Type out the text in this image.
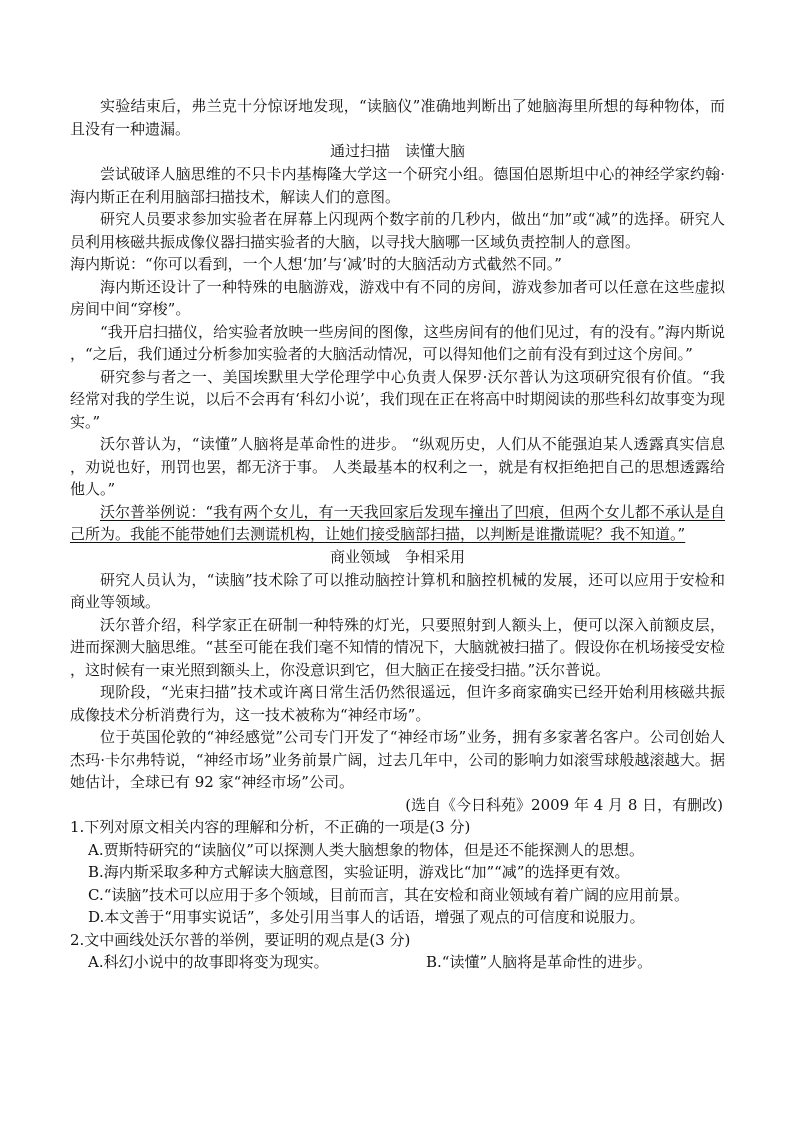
实验结束后，弗兰克十分惊讶地发现，“读脑仪”准确地判断出了她脑海里所想的每种物体，而且没有一种遗漏。

通过扫描　读懂大脑

尝试破译人脑思维的不只卡内基梅隆大学这一个研究小组。德国伯恩斯坦中心的神经学家约翰·海内斯正在利用脑部扫描技术，解读人们的意图。

研究人员要求参加实验者在屏幕上闪现两个数字前的几秒内，做出“加”或“减”的选择。研究人员利用核磁共振成像仪器扫描实验者的大脑，以寻找大脑哪一区域负责控制人的意图。

海内斯说：“你可以看到，一个人想‘加’与‘减’时的大脑活动方式截然不同。”

海内斯还设计了一种特殊的电脑游戏，游戏中有不同的房间，游戏参加者可以任意在这些虚拟房间中间“穿梭”。

“我开启扫描仪，给实验者放映一些房间的图像，这些房间有的他们见过，有的没有。”海内斯说，“之后，我们通过分析参加实验者的大脑活动情况，可以得知他们之前有没有到过这个房间。”

研究参与者之一、美国埃默里大学伦理学中心负责人保罗·沃尔普认为这项研究很有价值。“我经常对我的学生说，以后不会再有‘科幻小说’，我们现在正在将高中时期阅读的那些科幻故事变为现实。”

沃尔普认为，“读懂”人脑将是革命性的进步。 “纵观历史，人们从不能强迫某人透露真实信息，劝说也好，刑罚也罢，都无济于事。 人类最基本的权利之一，就是有权拒绝把自己的思想透露给他人。”

沃尔普举例说：“我有两个女儿，有一天我回家后发现车撞出了凹痕，但两个女儿都不承认是自己所为。我能不能带她们去测谎机构，让她们接受脑部扫描，以判断是谁撒谎呢？我不知道。”

商业领域　争相采用

研究人员认为，“读脑”技术除了可以推动脑控计算机和脑控机械的发展，还可以应用于安检和商业等领域。

沃尔普介绍，科学家正在研制一种特殊的灯光，只要照射到人额头上，便可以深入前额皮层，进而探测大脑思维。“甚至可能在我们毫不知情的情况下，大脑就被扫描了。假设你在机场接受安检，这时候有一束光照到额头上，你没意识到它，但大脑正在接受扫描。”沃尔普说。

现阶段，“光束扫描”技术或许离日常生活仍然很遥远，但许多商家确实已经开始利用核磁共振成像技术分析消费行为，这一技术被称为“神经市场”。

位于英国伦敦的“神经感觉”公司专门开发了“神经市场”业务，拥有多家著名客户。公司创始人杰玛·卡尔弗特说，“神经市场”业务前景广阔，过去几年中，公司的影响力如滚雪球般越滚越大。据她估计，全球已有 92 家“神经市场”公司。

(选自《今日科苑》2009 年 4 月 8 日，有删改)

1.下列对原文相关内容的理解和分析，不正确的一项是(3 分)

A.贾斯特研究的“读脑仪”可以探测人类大脑想象的物体，但是还不能探测人的思想。

B.海内斯采取多种方式解读大脑意图，实验证明，游戏比“加”“减”的选择更有效。

C.“读脑”技术可以应用于多个领域，目前而言，其在安检和商业领域有着广阔的应用前景。

D.本文善于“用事实说话”，多处引用当事人的话语，增强了观点的可信度和说服力。

2.文中画线处沃尔普的举例，要证明的观点是(3 分)

A.科幻小说中的故事即将变为现实。	B.“读懂”人脑将是革命性的进步。
